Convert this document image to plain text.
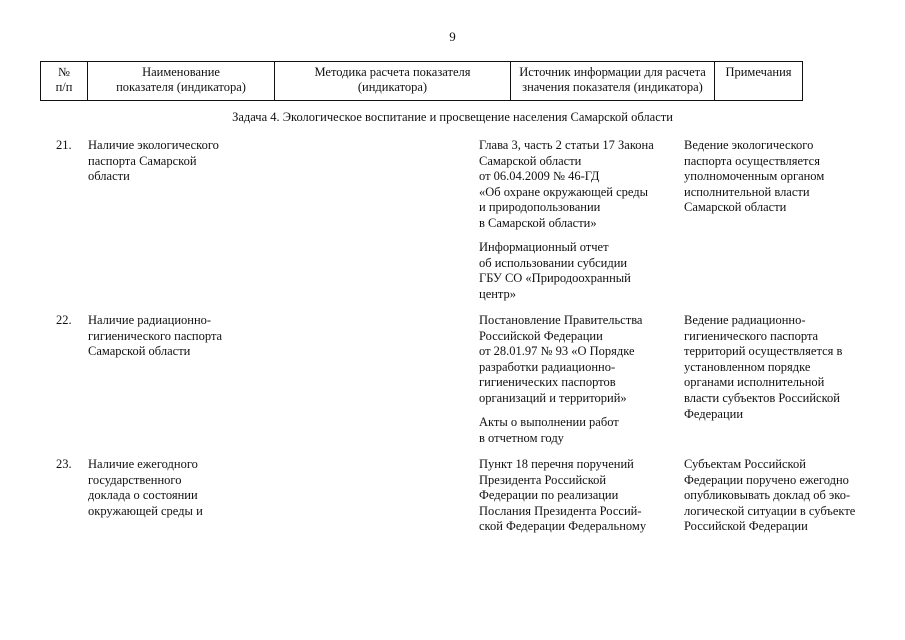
9
№
п/п
Наименование
показателя (индикатора)
Методика расчета показателя
(индикатора)
Источник информации для расчета
значения показателя (индикатора)
Примечания
Задача 4. Экологическое воспитание и просвещение населения Самарской области
21. Наличие экологического
паспорта Самарской
области
Глава 3, часть 2 статьи 17 Закона
Самарской области
от 06.04.2009 № 46-ГД
«Об охране окружающей среды
и природопользовании
в Самарской области»
Информационный отчет
об использовании субсидии
ГБУ СО «Природоохранный
центр»
Ведение экологического
паспорта осуществляется
уполномоченным органом
исполнительной власти
Самарской области
22. Наличие радиационно-
гигиенического паспорта
Самарской области
Постановление Правительства
Российской Федерации
от 28.01.97 № 93 «О Порядке
разработки радиационно-
гигиенических паспортов
организаций и территорий»
Акты о выполнении работ
в отчетном году
Ведение радиационно-
гигиенического паспорта
территорий осуществляется в
установленном порядке
органами исполнительной
власти субъектов Российской
Федерации
23. Наличие ежегодного
государственного
доклада о состоянии
окружающей среды и
Пункт 18 перечня поручений
Президента Российской
Федерации по реализации
Послания Президента Россий-
ской Федерации Федеральному
Субъектам Российской
Федерации поручено ежегодно
опубликовывать доклад об эко-
логической ситуации в субъекте
Российской Федерации
